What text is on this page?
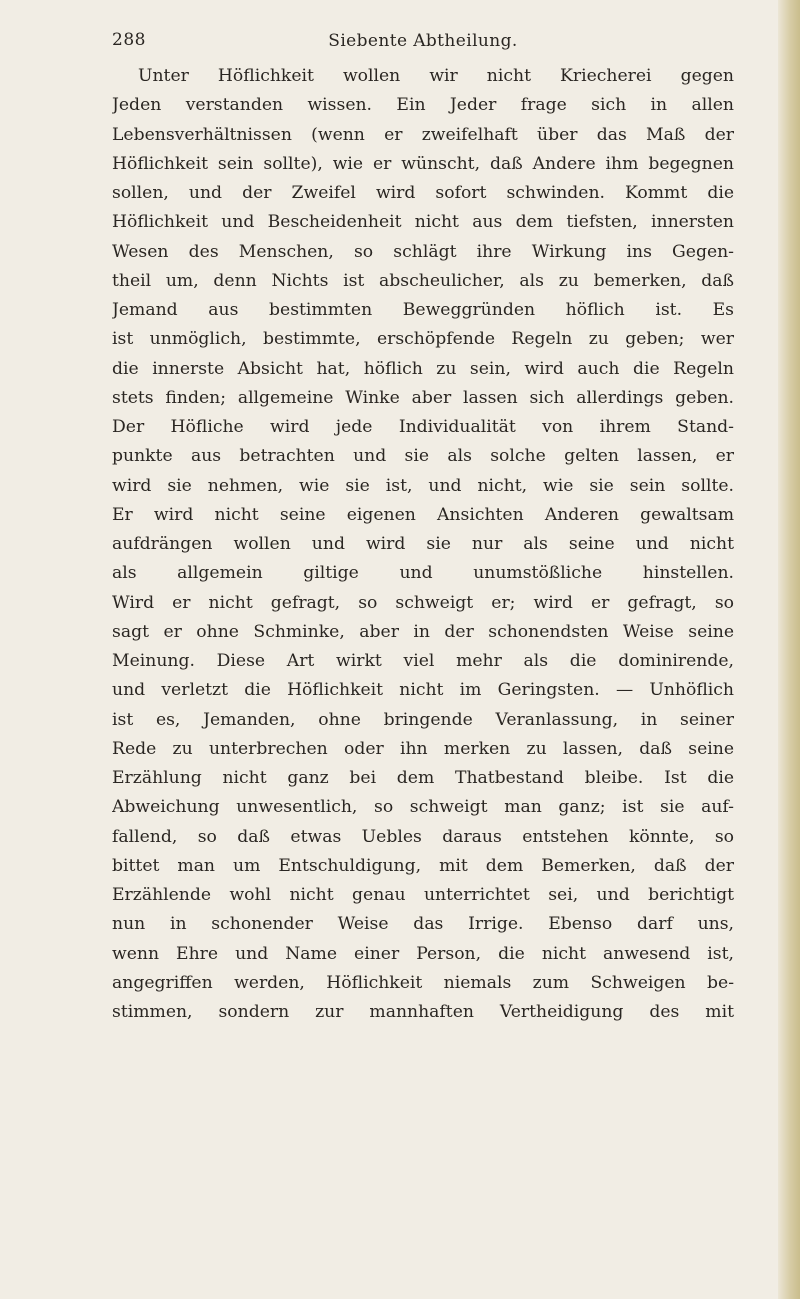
288	Siebente Abtheilung.
Unter Höflichkeit wollen wir nicht Kriecherei gegen
Jeden verstanden wissen. Ein Jeder frage sich in allen
Lebensverhältnissen (wenn er zweifelhaft über das Maß der
Höflichkeit sein sollte), wie er wünscht, daß Andere ihm begegnen
sollen, und der Zweifel wird sofort schwinden. Kommt die
Höflichkeit und Bescheidenheit nicht aus dem tiefsten, innersten
Wesen des Menschen, so schlägt ihre Wirkung ins Gegen-
theil um, denn Nichts ist abscheulicher, als zu bemerken, daß
Jemand aus bestimmten Beweggründen höflich ist. Es
ist unmöglich, bestimmte, erschöpfende Regeln zu geben; wer
die innerste Absicht hat, höflich zu sein, wird auch die Regeln
stets finden; allgemeine Winke aber lassen sich allerdings geben.
Der Höfliche wird jede Individualität von ihrem Stand-
punkte aus betrachten und sie als solche gelten lassen, er
wird sie nehmen, wie sie ist, und nicht, wie sie sein sollte.
Er wird nicht seine eigenen Ansichten Anderen gewaltsam
aufdrängen wollen und wird sie nur als seine und nicht
als allgemein giltige und unumstößliche hinstellen.
Wird er nicht gefragt, so schweigt er; wird er gefragt, so
sagt er ohne Schminke, aber in der schonendsten Weise seine
Meinung. Diese Art wirkt viel mehr als die dominirende,
und verletzt die Höflichkeit nicht im Geringsten. — Unhöflich
ist es, Jemanden, ohne bringende Veranlassung, in seiner
Rede zu unterbrechen oder ihn merken zu lassen, daß seine
Erzählung nicht ganz bei dem Thatbestand bleibe. Ist die
Abweichung unwesentlich, so schweigt man ganz; ist sie auf-
fallend, so daß etwas Uebles daraus entstehen könnte, so
bittet man um Entschuldigung, mit dem Bemerken, daß der
Erzählende wohl nicht genau unterrichtet sei, und berichtigt
nun in schonender Weise das Irrige. Ebenso darf uns,
wenn Ehre und Name einer Person, die nicht anwesend ist,
angegriffen werden, Höflichkeit niemals zum Schweigen be-
stimmen, sondern zur mannhaften Vertheidigung des mit
